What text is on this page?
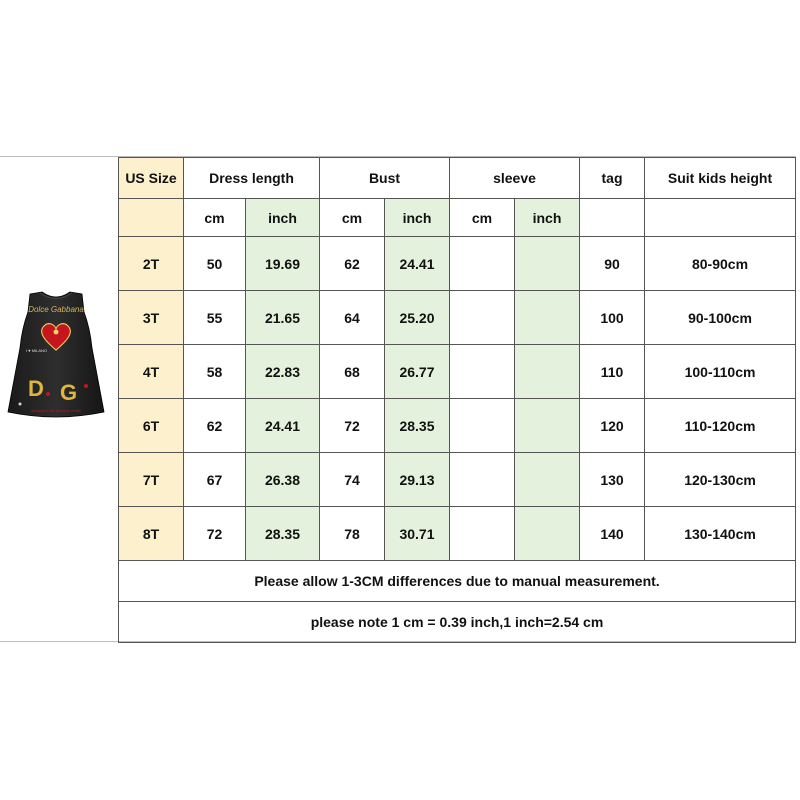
Dolce Gabbana
I ♥ MILANO
D G
designed in the sunshine of italy
US Size	Dress length		Bust		sleeve		tag	Suit kids height
	cm	inch	cm	inch	cm	inch		
2T	50	19.69	62	24.41			90	80-90cm
3T	55	21.65	64	25.20			100	90-100cm
4T	58	22.83	68	26.77			110	100-110cm
6T	62	24.41	72	28.35			120	110-120cm
7T	67	26.38	74	29.13			130	120-130cm
8T	72	28.35	78	30.71			140	130-140cm
Please allow 1-3CM differences due to manual measurement.								
please note 1 cm = 0.39 inch,1 inch=2.54 cm								
